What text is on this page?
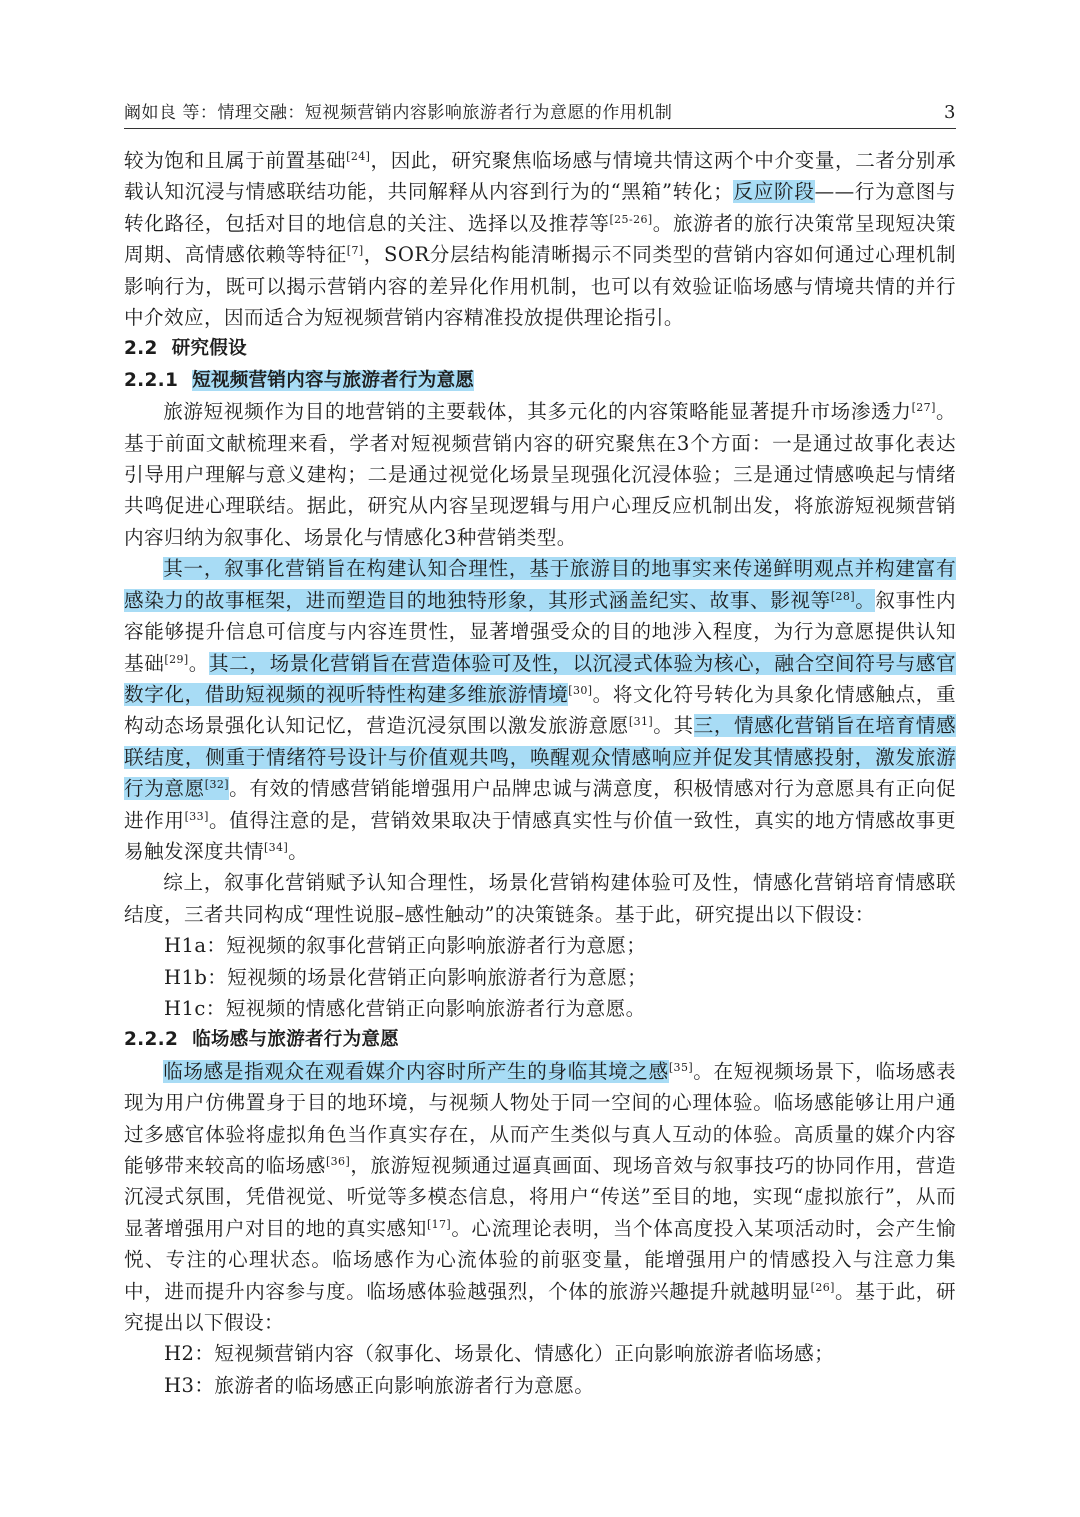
阚如良 等：情理交融：短视频营销内容影响旅游者行为意愿的作用机制	3

较为饱和且属于前置基础[24]，因此，研究聚焦临场感与情境共情这两个中介变量，二者分别承载认知沉浸与情感联结功能，共同解释从内容到行为的“黑箱”转化；反应阶段——行为意图与转化路径，包括对目的地信息的关注、选择以及推荐等[25-26]。旅游者的旅行决策常呈现短决策周期、高情感依赖等特征[7]，SOR分层结构能清晰揭示不同类型的营销内容如何通过心理机制影响行为，既可以揭示营销内容的差异化作用机制，也可以有效验证临场感与情境共情的并行中介效应，因而适合为短视频营销内容精准投放提供理论指引。

2.2 研究假设

2.2.1 短视频营销内容与旅游者行为意愿

旅游短视频作为目的地营销的主要载体，其多元化的内容策略能显著提升市场渗透力[27]。基于前面文献梳理来看，学者对短视频营销内容的研究聚焦在3个方面：一是通过故事化表达引导用户理解与意义建构；二是通过视觉化场景呈现强化沉浸体验；三是通过情感唤起与情绪共鸣促进心理联结。据此，研究从内容呈现逻辑与用户心理反应机制出发，将旅游短视频营销内容归纳为叙事化、场景化与情感化3种营销类型。

其一，叙事化营销旨在构建认知合理性，基于旅游目的地事实来传递鲜明观点并构建富有感染力的故事框架，进而塑造目的地独特形象，其形式涵盖纪实、故事、影视等[28]。叙事性内容能够提升信息可信度与内容连贯性，显著增强受众的目的地涉入程度，为行为意愿提供认知基础[29]。其二，场景化营销旨在营造体验可及性，以沉浸式体验为核心，融合空间符号与感官数字化，借助短视频的视听特性构建多维旅游情境[30]。将文化符号转化为具象化情感触点，重构动态场景强化认知记忆，营造沉浸氛围以激发旅游意愿[31]。其三，情感化营销旨在培育情感联结度，侧重于情绪符号设计与价值观共鸣，唤醒观众情感响应并促发其情感投射，激发旅游行为意愿[32]。有效的情感营销能增强用户品牌忠诚与满意度，积极情感对行为意愿具有正向促进作用[33]。值得注意的是，营销效果取决于情感真实性与价值一致性，真实的地方情感故事更易触发深度共情[34]。

综上，叙事化营销赋予认知合理性，场景化营销构建体验可及性，情感化营销培育情感联结度，三者共同构成“理性说服–感性触动”的决策链条。基于此，研究提出以下假设：

H1a：短视频的叙事化营销正向影响旅游者行为意愿；

H1b：短视频的场景化营销正向影响旅游者行为意愿；

H1c：短视频的情感化营销正向影响旅游者行为意愿。

2.2.2 临场感与旅游者行为意愿

临场感是指观众在观看媒介内容时所产生的身临其境之感[35]。在短视频场景下，临场感表现为用户仿佛置身于目的地环境，与视频人物处于同一空间的心理体验。临场感能够让用户通过多感官体验将虚拟角色当作真实存在，从而产生类似与真人互动的体验。高质量的媒介内容能够带来较高的临场感[36]，旅游短视频通过逼真画面、现场音效与叙事技巧的协同作用，营造沉浸式氛围，凭借视觉、听觉等多模态信息，将用户“传送”至目的地，实现“虚拟旅行”，从而显著增强用户对目的地的真实感知[17]。心流理论表明，当个体高度投入某项活动时，会产生愉悦、专注的心理状态。临场感作为心流体验的前驱变量，能增强用户的情感投入与注意力集中，进而提升内容参与度。临场感体验越强烈，个体的旅游兴趣提升就越明显[26]。基于此，研究提出以下假设：

H2：短视频营销内容（叙事化、场景化、情感化）正向影响旅游者临场感；

H3：旅游者的临场感正向影响旅游者行为意愿。
